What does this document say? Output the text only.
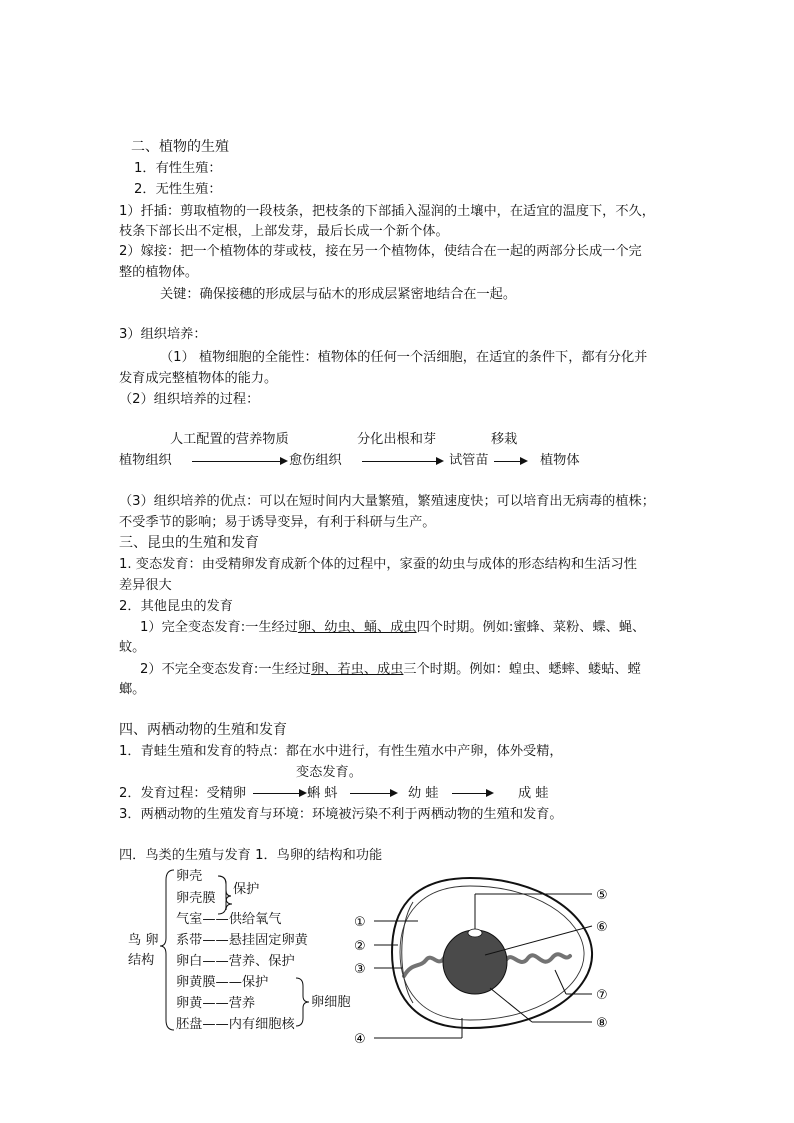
二、植物的生殖
1．有性生殖：
2．无性生殖：
1）扦插：剪取植物的一段枝条，把枝条的下部插入湿润的土壤中，在适宜的温度下，不久，
枝条下部长出不定根，上部发芽，最后长成一个新个体。
2）嫁接：把一个植物体的芽或枝，接在另一个植物体，使结合在一起的两部分长成一个完
整的植物体。
关键：确保接穗的形成层与砧木的形成层紧密地结合在一起。
3）组织培养：
（1） 植物细胞的全能性：植物体的任何一个活细胞，在适宜的条件下，都有分化并
发育成完整植物体的能力。
（2）组织培养的过程：
人工配置的营养物质	分化出根和芽	移栽
植物组织	愈伤组织	试管苗	植物体
（3）组织培养的优点：可以在短时间内大量繁殖，繁殖速度快；可以培育出无病毒的植株；
不受季节的影响；易于诱导变异，有利于科研与生产。
三、昆虫的生殖和发育
1. 变态发育：由受精卵发育成新个体的过程中，家蚕的幼虫与成体的形态结构和生活习性
差异很大
2．其他昆虫的发育
1）完全变态发育:一生经过卵、幼虫、蛹、成虫四个时期。例如:蜜蜂、菜粉、蝶、蝇、
蚊。
2）不完全变态发育:一生经过卵、若虫、成虫三个时期。例如：蝗虫、蟋蟀、蝼蛄、螳
螂。
四、两栖动物的生殖和发育
1．青蛙生殖和发育的特点：都在水中进行，有性生殖水中产卵，体外受精，
变态发育。
2．发育过程：受精卵	蝌 蚪	幼 蛙	成 蛙
3．两栖动物的生殖发育与环境：环境被污染不利于两栖动物的生殖和发育。
四．鸟类的生殖与发育 1．鸟卵的结构和功能
鸟 卵
结构
卵壳
卵壳膜
保护
气室——供给氧气
系带——悬挂固定卵黄
卵白——营养、保护
卵黄膜——保护
卵黄——营养	卵细胞
胚盘——内有细胞核
①
②
③
④
⑤
⑥
⑦
⑧
